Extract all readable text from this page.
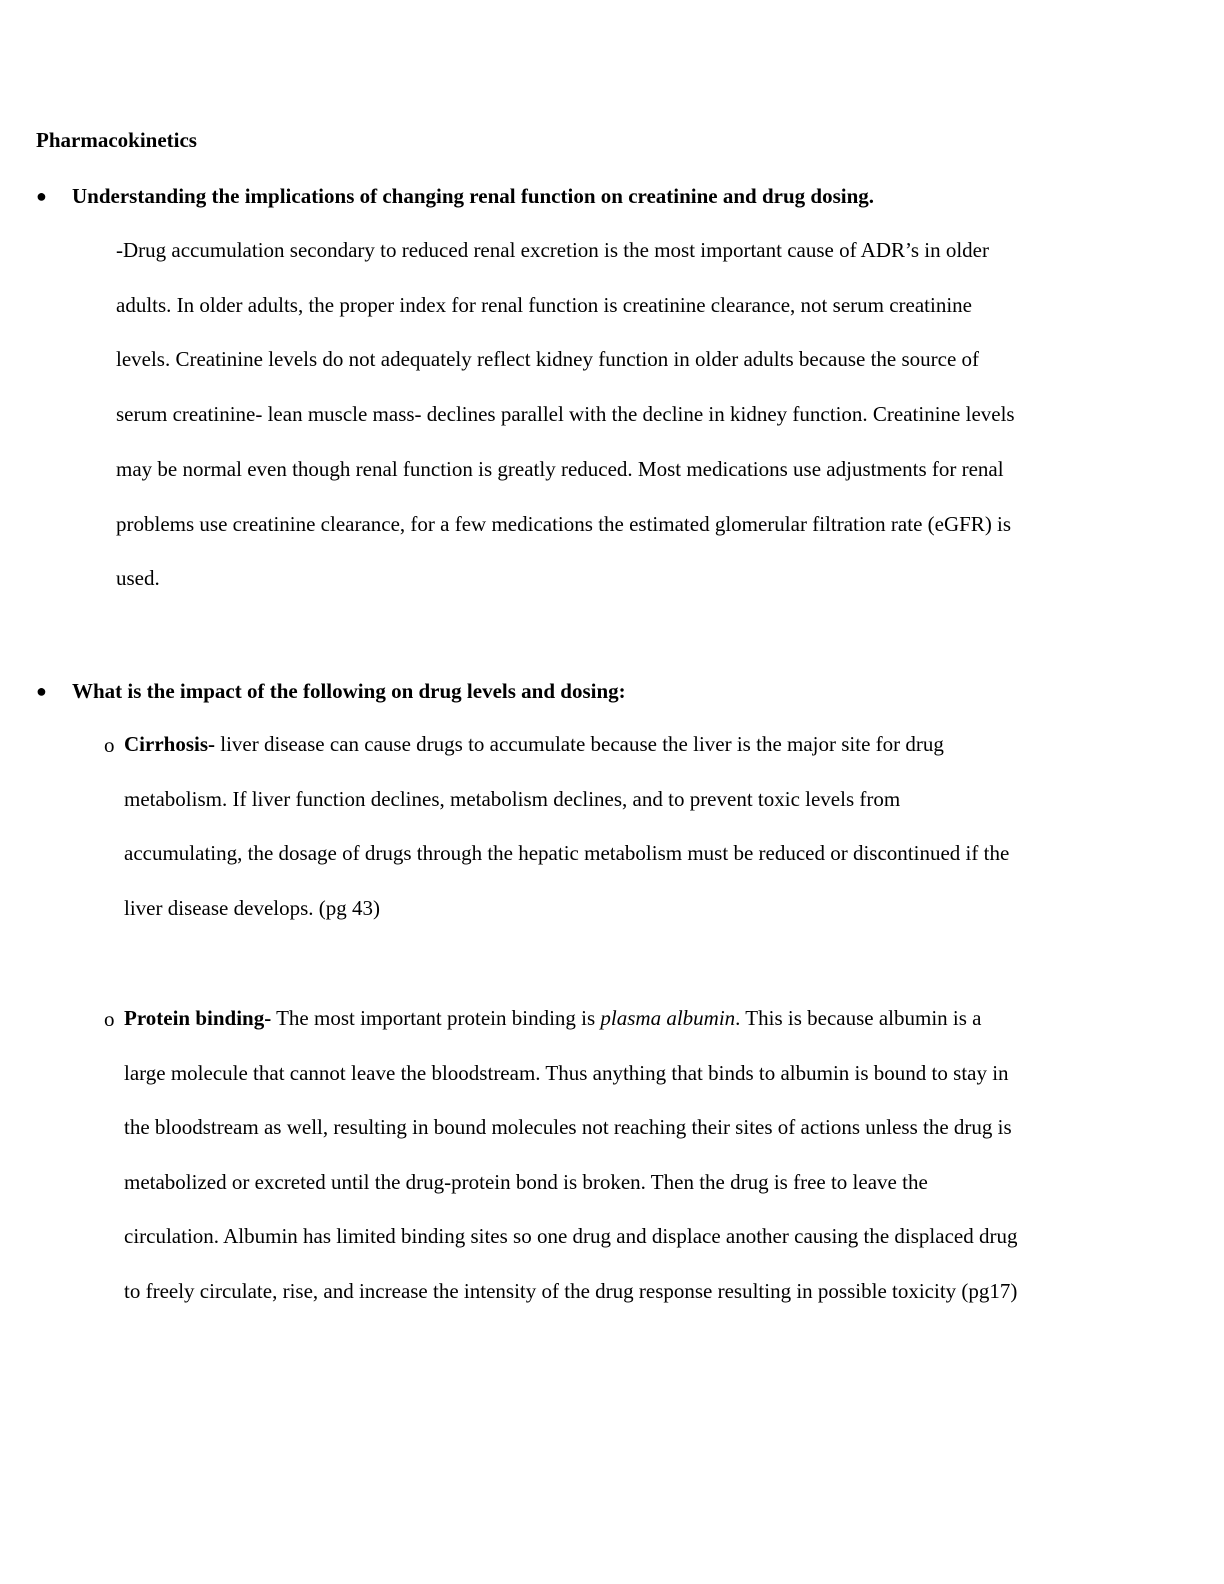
Pharmacokinetics
● Understanding the implications of changing renal function on creatinine and drug dosing.
-Drug accumulation secondary to reduced renal excretion is the most important cause of ADR’s in older
adults. In older adults, the proper index for renal function is creatinine clearance, not serum creatinine
levels. Creatinine levels do not adequately reflect kidney function in older adults because the source of
serum creatinine- lean muscle mass- declines parallel with the decline in kidney function. Creatinine levels
may be normal even though renal function is greatly reduced. Most medications use adjustments for renal
problems use creatinine clearance, for a few medications the estimated glomerular filtration rate (eGFR) is
used.
● What is the impact of the following on drug levels and dosing:
o Cirrhosis- liver disease can cause drugs to accumulate because the liver is the major site for drug
metabolism. If liver function declines, metabolism declines, and to prevent toxic levels from
accumulating, the dosage of drugs through the hepatic metabolism must be reduced or discontinued if the
liver disease develops. (pg 43)
o Protein binding- The most important protein binding is plasma albumin. This is because albumin is a
large molecule that cannot leave the bloodstream. Thus anything that binds to albumin is bound to stay in
the bloodstream as well, resulting in bound molecules not reaching their sites of actions unless the drug is
metabolized or excreted until the drug-protein bond is broken. Then the drug is free to leave the
circulation. Albumin has limited binding sites so one drug and displace another causing the displaced drug
to freely circulate, rise, and increase the intensity of the drug response resulting in possible toxicity (pg17)
